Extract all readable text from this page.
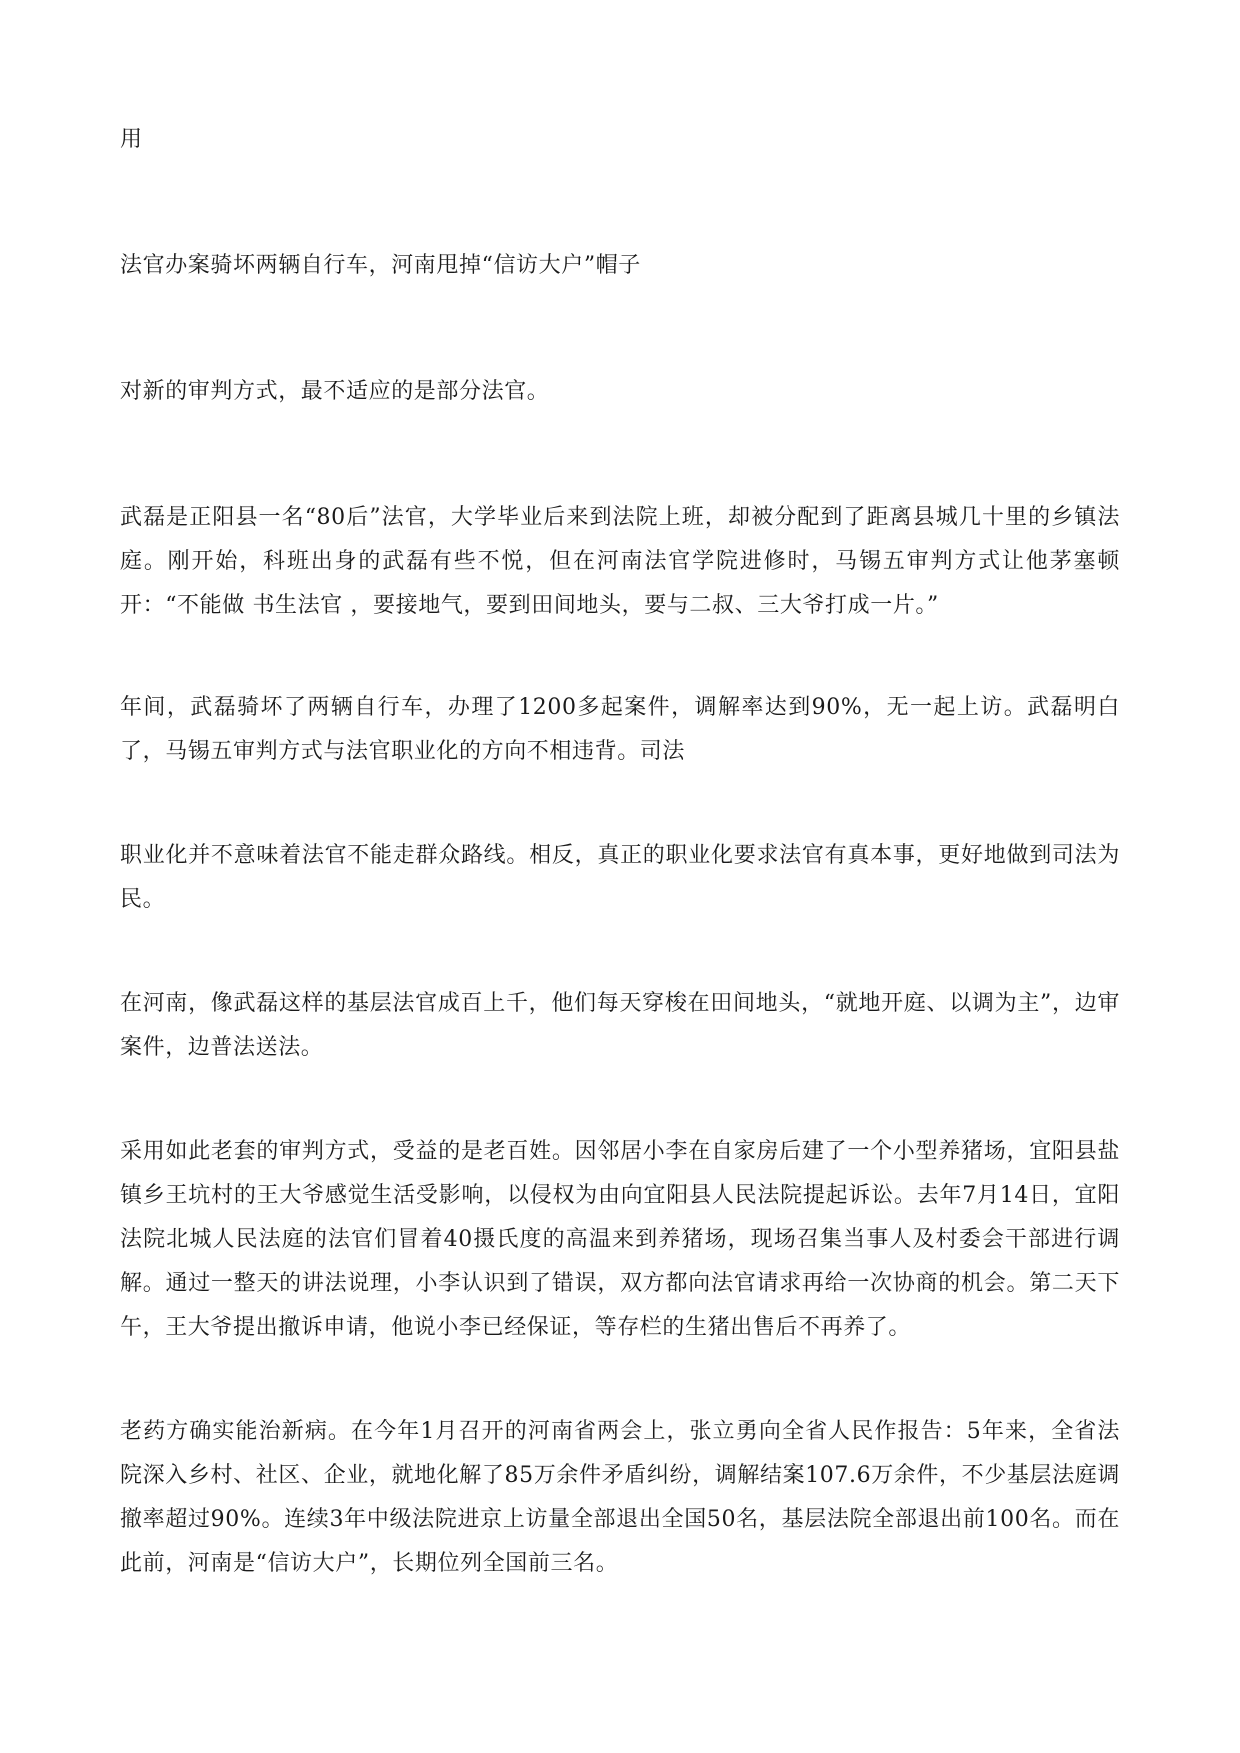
用

法官办案骑坏两辆自行车，河南甩掉“信访大户”帽子

对新的审判方式，最不适应的是部分法官。

武磊是正阳县一名“80后”法官，大学毕业后来到法院上班，却被分配到了距离县城几十里的乡镇法庭。刚开始，科班出身的武磊有些不悦，但在河南法官学院进修时，马锡五审判方式让他茅塞顿开：“不能做 书生法官 ，要接地气，要到田间地头，要与二叔、三大爷打成一片。”

年间，武磊骑坏了两辆自行车，办理了1200多起案件，调解率达到90%，无一起上访。武磊明白了，马锡五审判方式与法官职业化的方向不相违背。司法

职业化并不意味着法官不能走群众路线。相反，真正的职业化要求法官有真本事，更好地做到司法为民。

在河南，像武磊这样的基层法官成百上千，他们每天穿梭在田间地头，“就地开庭、以调为主”，边审案件，边普法送法。

采用如此老套的审判方式，受益的是老百姓。因邻居小李在自家房后建了一个小型养猪场，宜阳县盐镇乡王坑村的王大爷感觉生活受影响，以侵权为由向宜阳县人民法院提起诉讼。去年7月14日，宜阳法院北城人民法庭的法官们冒着40摄氏度的高温来到养猪场，现场召集当事人及村委会干部进行调解。通过一整天的讲法说理，小李认识到了错误，双方都向法官请求再给一次协商的机会。第二天下午，王大爷提出撤诉申请，他说小李已经保证，等存栏的生猪出售后不再养了。

老药方确实能治新病。在今年1月召开的河南省两会上，张立勇向全省人民作报告：5年来，全省法院深入乡村、社区、企业，就地化解了85万余件矛盾纠纷，调解结案107.6万余件，不少基层法庭调撤率超过90%。连续3年中级法院进京上访量全部退出全国50名，基层法院全部退出前100名。而在此前，河南是“信访大户”，长期位列全国前三名。
